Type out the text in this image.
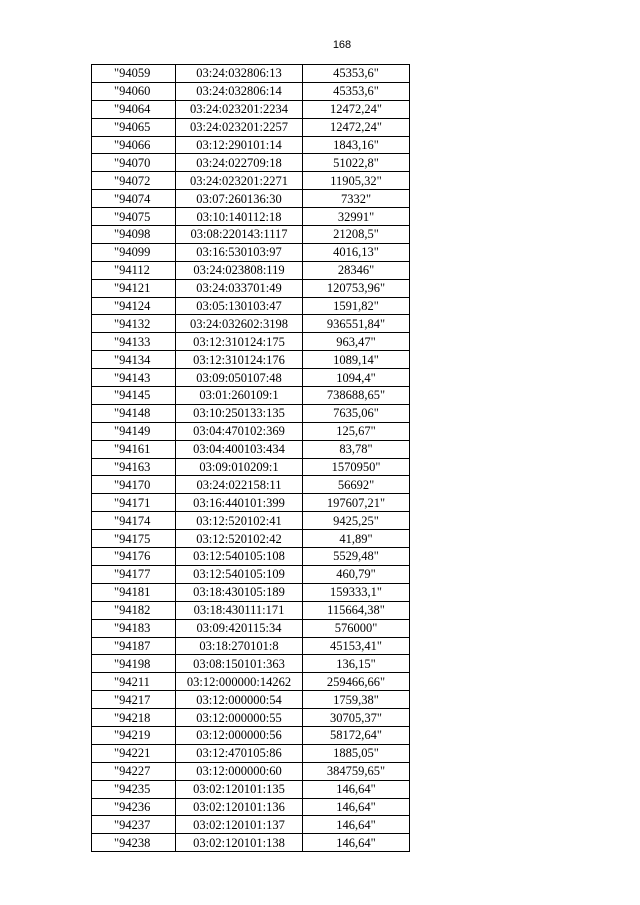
168
"94059	03:24:032806:13	45353,6"
"94060	03:24:032806:14	45353,6"
"94064	03:24:023201:2234	12472,24"
"94065	03:24:023201:2257	12472,24"
"94066	03:12:290101:14	1843,16"
"94070	03:24:022709:18	51022,8"
"94072	03:24:023201:2271	11905,32"
"94074	03:07:260136:30	7332"
"94075	03:10:140112:18	32991"
"94098	03:08:220143:1117	21208,5"
"94099	03:16:530103:97	4016,13"
"94112	03:24:023808:119	28346"
"94121	03:24:033701:49	120753,96"
"94124	03:05:130103:47	1591,82"
"94132	03:24:032602:3198	936551,84"
"94133	03:12:310124:175	963,47"
"94134	03:12:310124:176	1089,14"
"94143	03:09:050107:48	1094,4"
"94145	03:01:260109:1	738688,65"
"94148	03:10:250133:135	7635,06"
"94149	03:04:470102:369	125,67"
"94161	03:04:400103:434	83,78"
"94163	03:09:010209:1	1570950"
"94170	03:24:022158:11	56692"
"94171	03:16:440101:399	197607,21"
"94174	03:12:520102:41	9425,25"
"94175	03:12:520102:42	41,89"
"94176	03:12:540105:108	5529,48"
"94177	03:12:540105:109	460,79"
"94181	03:18:430105:189	159333,1"
"94182	03:18:430111:171	115664,38"
"94183	03:09:420115:34	576000"
"94187	03:18:270101:8	45153,41"
"94198	03:08:150101:363	136,15"
"94211	03:12:000000:14262	259466,66"
"94217	03:12:000000:54	1759,38"
"94218	03:12:000000:55	30705,37"
"94219	03:12:000000:56	58172,64"
"94221	03:12:470105:86	1885,05"
"94227	03:12:000000:60	384759,65"
"94235	03:02:120101:135	146,64"
"94236	03:02:120101:136	146,64"
"94237	03:02:120101:137	146,64"
"94238	03:02:120101:138	146,64"
